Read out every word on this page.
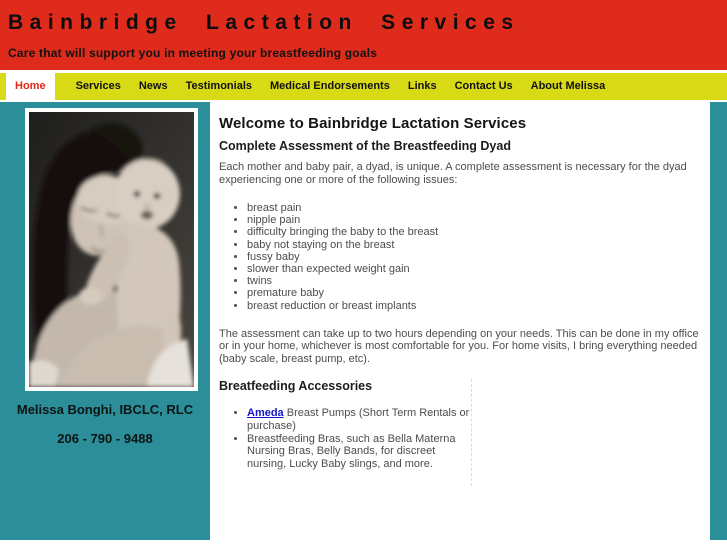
Bainbridge Lactation Services
Care that will support you in meeting your breastfeeding goals
Home	Services News Testimonials Medical Endorsements Links Contact Us About Melissa
Melissa Bonghi, IBCLC, RLC
206 - 790 - 9488
Welcome to Bainbridge Lactation Services
Complete Assessment of the Breastfeeding Dyad

Each mother and baby pair, a dyad, is unique. A complete assessment is necessary for the dyad experiencing one or more of the following issues:

• breast pain
• nipple pain
• difficulty bringing the baby to the breast
• baby not staying on the breast
• fussy baby
• slower than expected weight gain
• twins
• premature baby
• breast reduction or breast implants

The assessment can take up to two hours depending on your needs. This can be done in my office or in your home, whichever is most comfortable for you. For home visits, I bring everything needed (baby scale, breast pump, etc).

Breatfeeding Accessories
• Ameda Breast Pumps (Short Term Rentals or purchase)
• Breastfeeding Bras, such as Bella Materna Nursing Bras, Belly Bands, for discreet nursing, Lucky Baby slings, and more.
